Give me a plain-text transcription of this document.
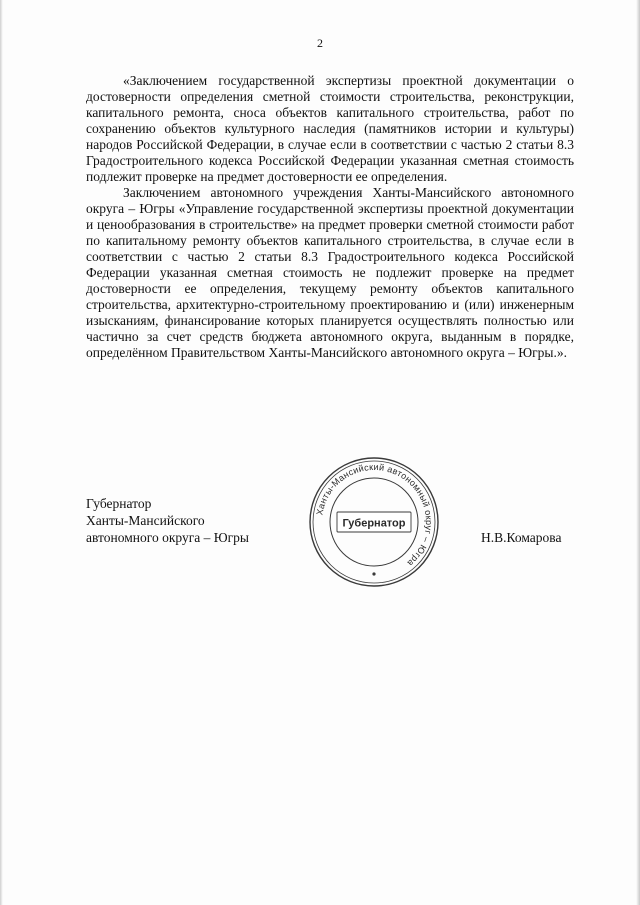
2

«Заключением государственной экспертизы проектной документации о достоверности определения сметной стоимости строительства, реконструкции, капитального ремонта, сноса объектов капитального строительства, работ по сохранению объектов культурного наследия (памятников истории и культуры) народов Российской Федерации, в случае если в соответствии с частью 2 статьи 8.3 Градостроительного кодекса Российской Федерации указанная сметная стоимость подлежит проверке на предмет достоверности ее определения.

Заключением автономного учреждения Ханты-Мансийского автономного округа – Югры «Управление государственной экспертизы проектной документации и ценообразования в строительстве» на предмет проверки сметной стоимости работ по капитальному ремонту объектов капитального строительства, в случае если в соответствии с частью 2 статьи 8.3 Градостроительного кодекса Российской Федерации указанная сметная стоимость не подлежит проверке на предмет достоверности ее определения, текущему ремонту объектов капитального строительства, архитектурно-строительному проектированию и (или) инженерным изысканиям, финансирование которых планируется осуществлять полностью или частично за счет средств бюджета автономного округа, выданным в порядке, определённом Правительством Ханты-Мансийского автономного округа – Югры.».

Губернатор
Ханты-Мансийского
автономного округа – Югры
Ханты-Мансийский автономный округ – Югра
Губернатор
Н.В.Комарова
